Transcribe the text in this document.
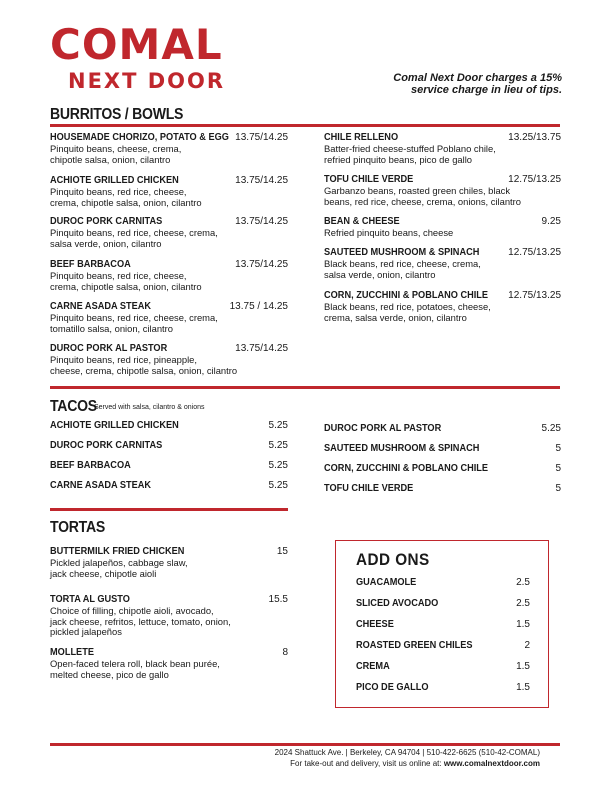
COMAL
NEXT DOOR	Comal Next Door charges a 15%
service charge in lieu of tips.
BURRITOS / BOWLS
HOUSEMADE CHORIZO, POTATO & EGG 13.75/14.25
Pinquito beans, cheese, crema,
chipotle salsa, onion, cilantro
ACHIOTE GRILLED CHICKEN	13.75/14.25
Pinquito beans, red rice, cheese,
crema, chipotle salsa, onion, cilantro
DUROC PORK CARNITAS	13.75/14.25
Pinquito beans, red rice, cheese, crema,
salsa verde, onion, cilantro
BEEF BARBACOA	13.75/14.25
Pinquito beans, red rice, cheese,
crema, chipotle salsa, onion, cilantro
CARNE ASADA STEAK	13.75 / 14.25
Pinquito beans, red rice, cheese, crema,
tomatillo salsa, onion, cilantro
DUROC PORK AL PASTOR	13.75/14.25
Pinquito beans, red rice, pineapple,
cheese, crema, chipotle salsa, onion, cilantro
CHILE RELLENO	13.25/13.75
Batter-fried cheese-stuffed Poblano chile,
refried pinquito beans, pico de gallo
TOFU CHILE VERDE	12.75/13.25
Garbanzo beans, roasted green chiles, black
beans, red rice, cheese, crema, onions, cilantro
BEAN & CHEESE	9.25
Refried pinquito beans, cheese
SAUTEED MUSHROOM & SPINACH	12.75/13.25
Black beans, red rice, cheese, crema,
salsa verde, onion, cilantro
CORN, ZUCCHINI & POBLANO CHILE	12.75/13.25
Black beans, red rice, potatoes, cheese,
crema, salsa verde, onion, cilantro
TACOS
Served with salsa, cilantro & onions
ACHIOTE GRILLED CHICKEN	5.25
DUROC PORK CARNITAS	5.25
BEEF BARBACOA	5.25
CARNE ASADA STEAK	5.25
DUROC PORK AL PASTOR	5.25
SAUTEED MUSHROOM & SPINACH	5
CORN, ZUCCHINI & POBLANO CHILE	5
TOFU CHILE VERDE	5
TORTAS
BUTTERMILK FRIED CHICKEN	15
Pickled jalapeños, cabbage slaw,
jack cheese, chipotle aioli
TORTA AL GUSTO	15.5
Choice of filling, chipotle aioli, avocado,
jack cheese, refritos, lettuce, tomato, onion,
pickled jalapeños
MOLLETE	8
Open-faced telera roll, black bean purée,
melted cheese, pico de gallo
ADD ONS
GUACAMOLE	2.5
SLICED AVOCADO	2.5
CHEESE	1.5
ROASTED GREEN CHILES	2
CREMA	1.5
PICO DE GALLO	1.5
2024 Shattuck Ave. | Berkeley, CA 94704 | 510-422-6625 (510-42-COMAL)
For take-out and delivery, visit us online at: www.comalnextdoor.com
